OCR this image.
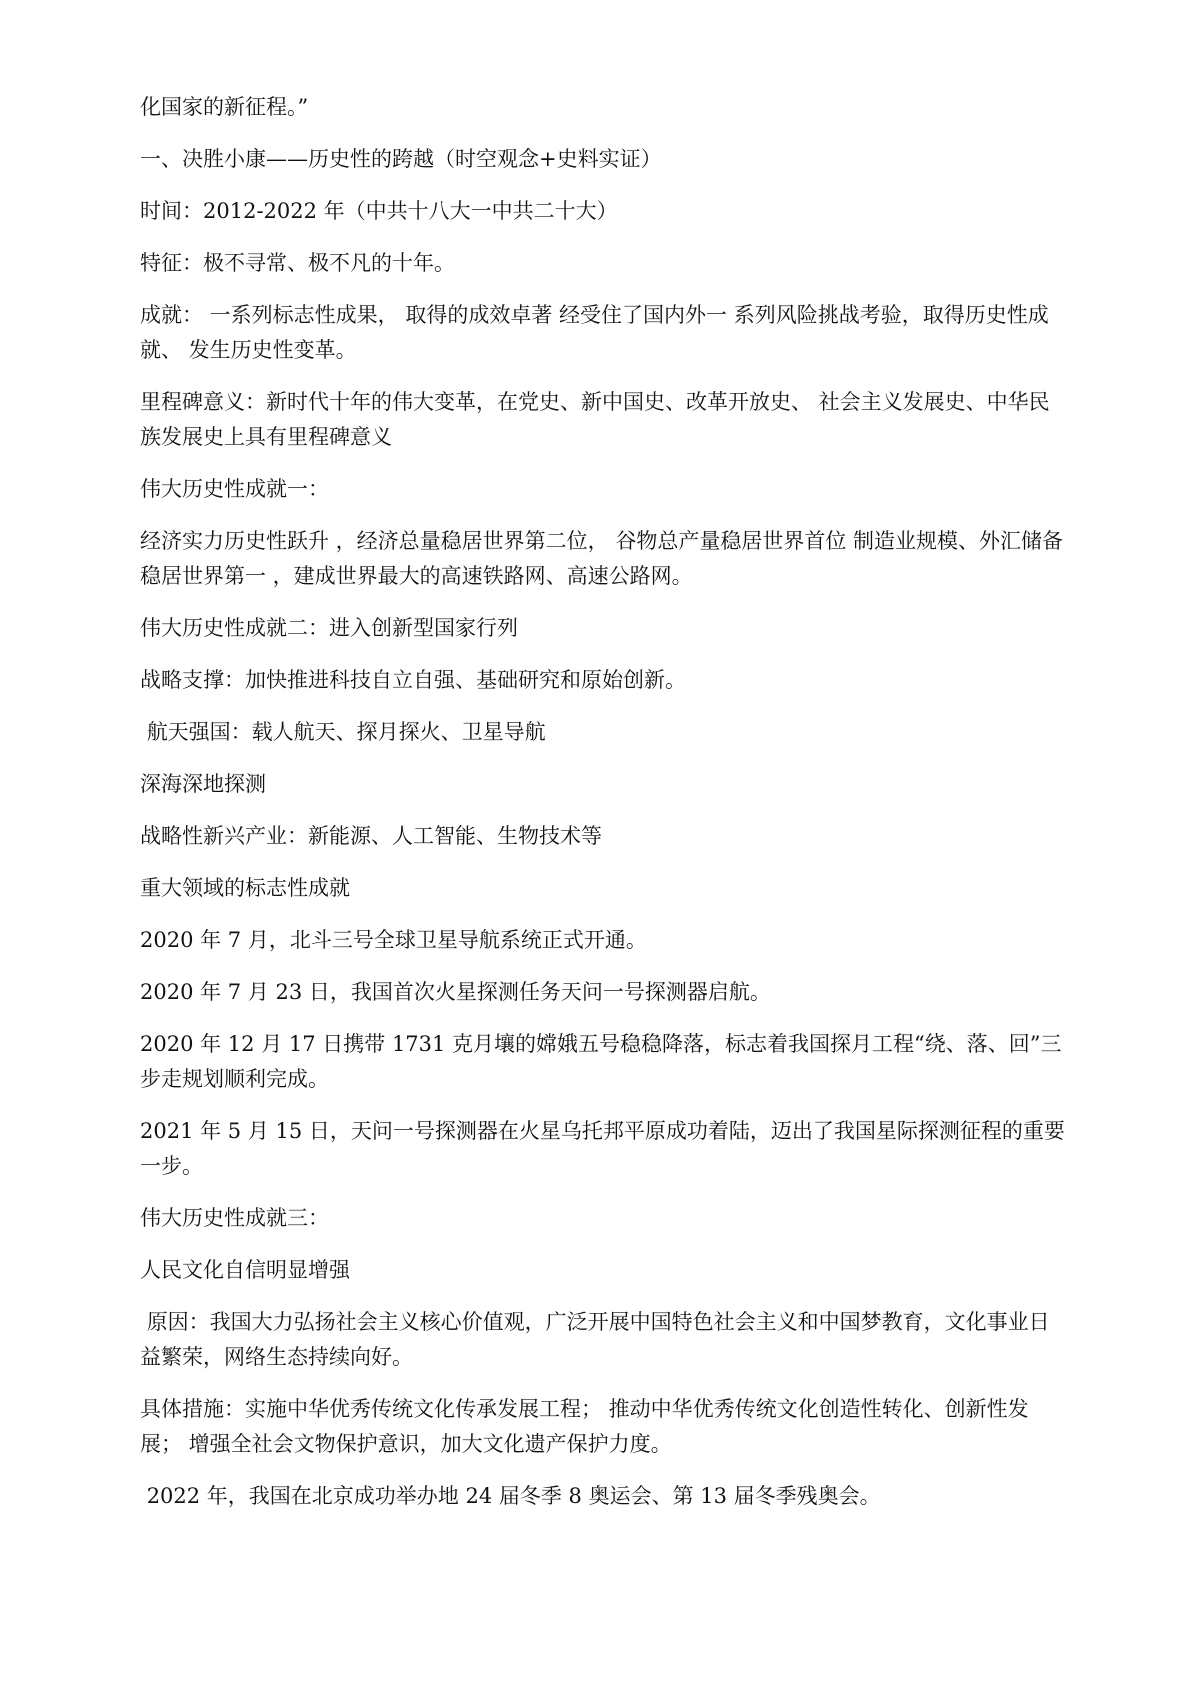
化国家的新征程。”

一、决胜小康——历史性的跨越（时空观念+史料实证）

时间：2012-2022 年（中共十八大一中共二十大）

特征：极不寻常、极不凡的十年。

成就： 一系列标志性成果， 取得的成效卓著 经受住了国内外一 系列风险挑战考验，取得历史性成就、 发生历史性变革。

里程碑意义：新时代十年的伟大变革，在党史、新中国史、改革开放史、 社会主义发展史、中华民族发展史上具有里程碑意义

伟大历史性成就一：

经济实力历史性跃升 ，经济总量稳居世界第二位， 谷物总产量稳居世界首位 制造业规模、外汇储备稳居世界第一 ，建成世界最大的高速铁路网、高速公路网。

伟大历史性成就二：进入创新型国家行列

战略支撑：加快推进科技自立自强、基础研究和原始创新。

航天强国：载人航天、探月探火、卫星导航

深海深地探测

战略性新兴产业：新能源、人工智能、生物技术等

重大领域的标志性成就

2020 年 7 月，北斗三号全球卫星导航系统正式开通。

2020 年 7 月 23 日，我国首次火星探测任务天问一号探测器启航。

2020 年 12 月 17 日携带 1731 克月壤的嫦娥五号稳稳降落，标志着我国探月工程“绕、落、回”三步走规划顺利完成。

2021 年 5 月 15 日，天问一号探测器在火星乌托邦平原成功着陆，迈出了我国星际探测征程的重要一步。

伟大历史性成就三：

人民文化自信明显增强

原因：我国大力弘扬社会主义核心价值观，广泛开展中国特色社会主义和中国梦教育，文化事业日益繁荣，网络生态持续向好。

具体措施：实施中华优秀传统文化传承发展工程； 推动中华优秀传统文化创造性转化、创新性发展； 增强全社会文物保护意识，加大文化遗产保护力度。

2022 年，我国在北京成功举办地 24 届冬季 8 奥运会、第 13 届冬季残奥会。
